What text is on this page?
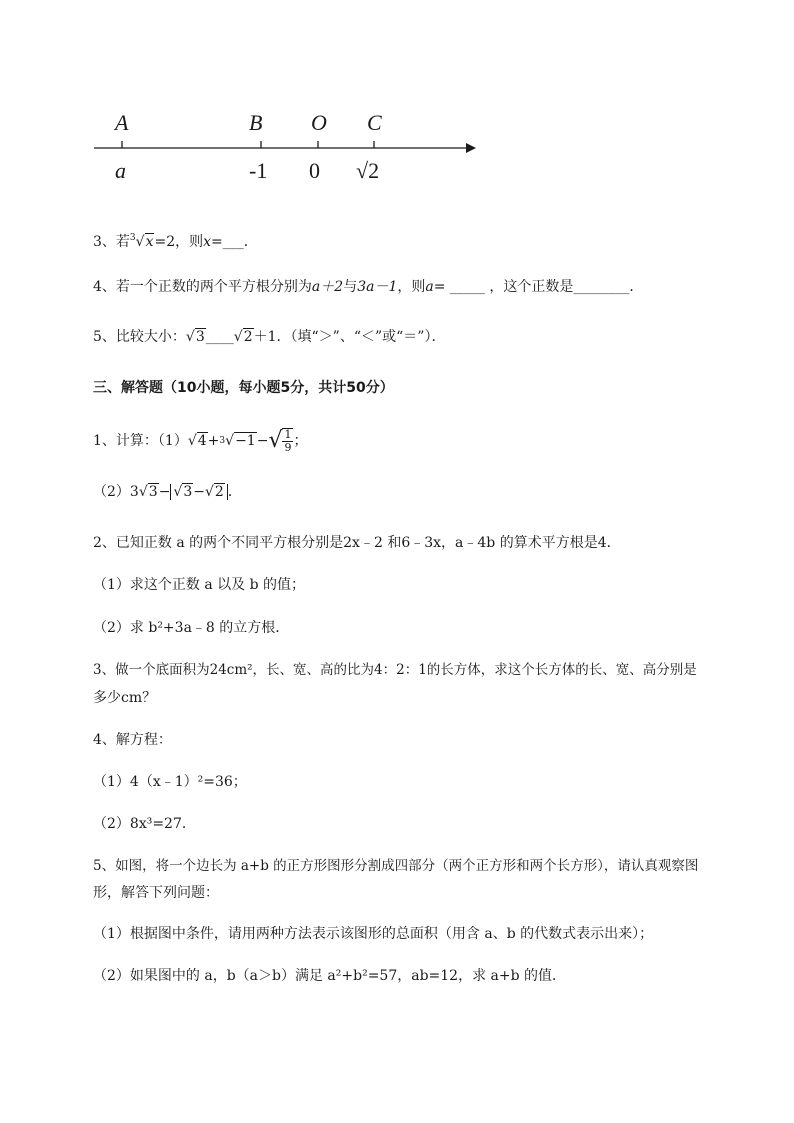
A	B O C
a	-1 0 √2
3、若$^3$√x=2，则x=___．
4、若一个正数的两个平方根分别为a＋2与3a－1，则a= _____ ，这个正数是________．
5、比较大小：√3____√2＋1．（填“＞”、“＜”或“＝”）．
三、解答题（10小题，每小题5分，共计50分）
1、计算：（1） √4 + 3 √−1 − √ $\frac{1}{9}$ ；
（2）3√3− √3−√2 ．
2、已知正数 a 的两个不同平方根分别是2x﹣2 和6﹣3x，a﹣4b 的算术平方根是4．
（1）求这个正数 a 以及 b 的值；
（2）求 b²+3a﹣8 的立方根．
3、做一个底面积为24cm²，长、宽、高的比为4：2：1的长方体，求这个长方体的长、宽、高分别是
多少cm？
4、解方程：
（1）4（x﹣1）²=36；
（2）8x³=27．
5、如图，将一个边长为 a+b 的正方形图形分割成四部分（两个正方形和两个长方形），请认真观察图
形，解答下列问题：
（1）根据图中条件，请用两种方法表示该图形的总面积（用含 a、b 的代数式表示出来）；
（2）如果图中的 a，b（a＞b）满足 a²+b²=57，ab=12，求 a+b 的值．
